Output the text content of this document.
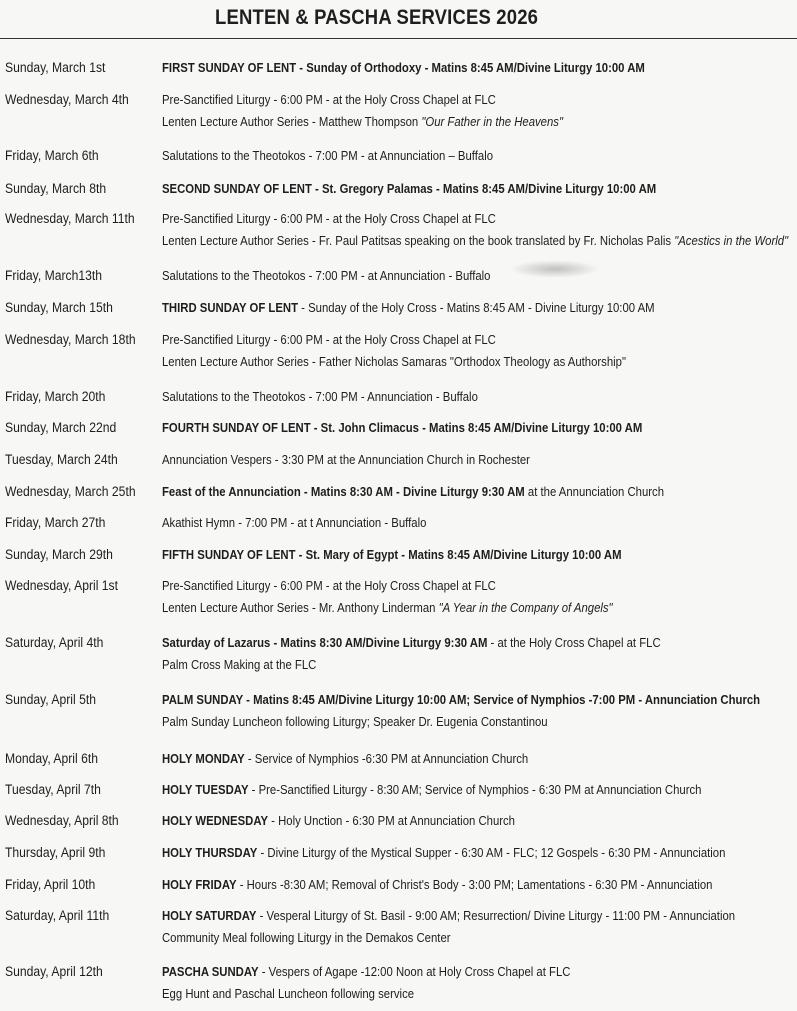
LENTEN & PASCHA SERVICES 2026
Sunday, March 1st	FIRST SUNDAY OF LENT - Sunday of Orthodoxy - Matins 8:45 AM/Divine Liturgy 10:00 AM
Wednesday, March 4th	Pre-Sanctified Liturgy - 6:00 PM - at the Holy Cross Chapel at FLC
Lenten Lecture Author Series - Matthew Thompson "Our Father in the Heavens"
Friday, March 6th	Salutations to the Theotokos - 7:00 PM - at Annunciation – Buffalo
Sunday, March 8th	SECOND SUNDAY OF LENT - St. Gregory Palamas - Matins 8:45 AM/Divine Liturgy 10:00 AM
Wednesday, March 11th Pre-Sanctified Liturgy - 6:00 PM - at the Holy Cross Chapel at FLC
Lenten Lecture Author Series - Fr. Paul Patitsas speaking on the book translated by Fr. Nicholas Palis "Acestics in the World"
Friday, March13th	Salutations to the Theotokos - 7:00 PM - at Annunciation - Buffalo
Sunday, March 15th	THIRD SUNDAY OF LENT - Sunday of the Holy Cross - Matins 8:45 AM - Divine Liturgy 10:00 AM
Wednesday, March 18th Pre-Sanctified Liturgy - 6:00 PM - at the Holy Cross Chapel at FLC
Lenten Lecture Author Series - Father Nicholas Samaras "Orthodox Theology as Authorship"
Friday, March 20th	Salutations to the Theotokos - 7:00 PM - Annunciation - Buffalo
Sunday, March 22nd	FOURTH SUNDAY OF LENT - St. John Climacus - Matins 8:45 AM/Divine Liturgy 10:00 AM
Tuesday, March 24th	Annunciation Vespers - 3:30 PM at the Annunciation Church in Rochester
Wednesday, March 25th Feast of the Annunciation - Matins 8:30 AM - Divine Liturgy 9:30 AM at the Annunciation Church
Friday, March 27th	Akathist Hymn - 7:00 PM - at t Annunciation - Buffalo
Sunday, March 29th	FIFTH SUNDAY OF LENT - St. Mary of Egypt - Matins 8:45 AM/Divine Liturgy 10:00 AM
Wednesday, April 1st	Pre-Sanctified Liturgy - 6:00 PM - at the Holy Cross Chapel at FLC
Lenten Lecture Author Series - Mr. Anthony Linderman "A Year in the Company of Angels"
Saturday, April 4th	Saturday of Lazarus - Matins 8:30 AM/Divine Liturgy 9:30 AM - at the Holy Cross Chapel at FLC
Palm Cross Making at the FLC
Sunday, April 5th	PALM SUNDAY - Matins 8:45 AM/Divine Liturgy 10:00 AM; Service of Nymphios -7:00 PM - Annunciation Church
Palm Sunday Luncheon following Liturgy; Speaker Dr. Eugenia Constantinou
Monday, April 6th	HOLY MONDAY - Service of Nymphios -6:30 PM at Annunciation Church
Tuesday, April 7th	HOLY TUESDAY - Pre-Sanctified Liturgy - 8:30 AM; Service of Nymphios - 6:30 PM at Annunciation Church
Wednesday, April 8th	HOLY WEDNESDAY - Holy Unction - 6:30 PM at Annunciation Church
Thursday, April 9th	HOLY THURSDAY - Divine Liturgy of the Mystical Supper - 6:30 AM - FLC; 12 Gospels - 6:30 PM - Annunciation
Friday, April 10th	HOLY FRIDAY - Hours -8:30 AM; Removal of Christ's Body - 3:00 PM; Lamentations - 6:30 PM - Annunciation
Saturday, April 11th	HOLY SATURDAY - Vesperal Liturgy of St. Basil - 9:00 AM; Resurrection/ Divine Liturgy - 11:00 PM - Annunciation
Community Meal following Liturgy in the Demakos Center
Sunday, April 12th	PASCHA SUNDAY - Vespers of Agape -12:00 Noon at Holy Cross Chapel at FLC
Egg Hunt and Paschal Luncheon following service
